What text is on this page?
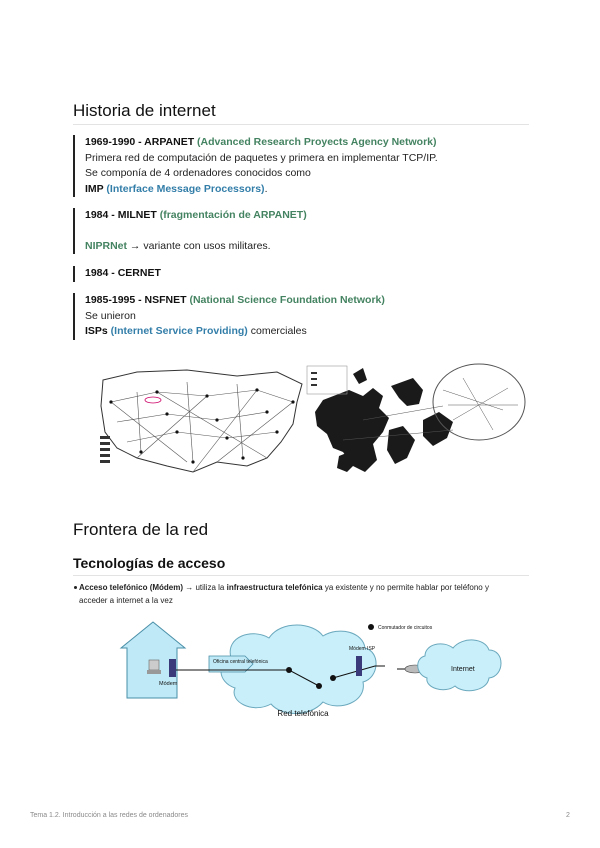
Historia de internet
1969-1990 - ARPANET (Advanced Research Proyects Agency Network)
Primera red de computación de paquetes y primera en implementar TCP/IP.
Se componía de 4 ordenadores conocidos como
IMP (Interface Message Processors).
1984 - MILNET (fragmentación de ARPANET)
NIPRNet → variante con usos militares.
1984 - CERNET
1985-1995 - NSFNET (National Science Foundation Network)
Se unieron
ISPs (Internet Service Providing) comerciales
Frontera de la red
Tecnologías de acceso
Acceso telefónico (Módem) → utiliza la infraestructura telefónica ya existente y no permite hablar por teléfono y acceder a internet a la vez
Módem
Oficina central telefónica
Módem ISP
Internet
Conmutador de circuitos
Red telefónica
Tema 1.2. Introducción a las redes de ordenadores	2
